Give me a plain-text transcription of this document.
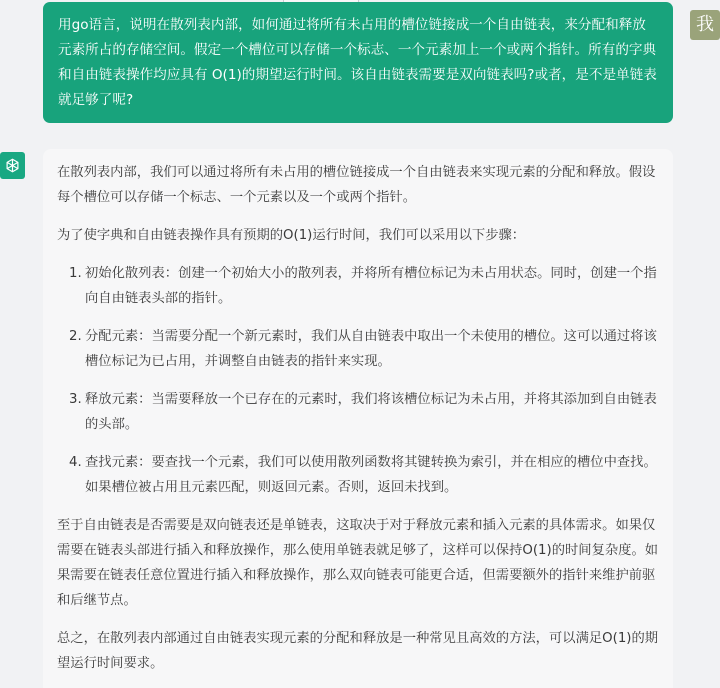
用go语言，说明在散列表内部，如何通过将所有未占用的槽位链接成一个自由链表，来分配和释放元素所占的存储空间。假定一个槽位可以存储一个标志、一个元素加上一个或两个指针。所有的字典和自由链表操作均应具有 O(1)的期望运行时间。该自由链表需要是双向链表吗?或者，是不是单链表就足够了呢?
我

在散列表内部，我们可以通过将所有未占用的槽位链接成一个自由链表来实现元素的分配和释放。假设每个槽位可以存储一个标志、一个元素以及一个或两个指针。

为了使字典和自由链表操作具有预期的O(1)运行时间，我们可以采用以下步骤：

1. 初始化散列表：创建一个初始大小的散列表，并将所有槽位标记为未占用状态。同时，创建一个指向自由链表头部的指针。
2. 分配元素：当需要分配一个新元素时，我们从自由链表中取出一个未使用的槽位。这可以通过将该槽位标记为已占用，并调整自由链表的指针来实现。
3. 释放元素：当需要释放一个已存在的元素时，我们将该槽位标记为未占用，并将其添加到自由链表的头部。
4. 查找元素：要查找一个元素，我们可以使用散列函数将其键转换为索引，并在相应的槽位中查找。如果槽位被占用且元素匹配，则返回元素。否则，返回未找到。

至于自由链表是否需要是双向链表还是单链表，这取决于对于释放元素和插入元素的具体需求。如果仅需要在链表头部进行插入和释放操作，那么使用单链表就足够了，这样可以保持O(1)的时间复杂度。如果需要在链表任意位置进行插入和释放操作，那么双向链表可能更合适，但需要额外的指针来维护前驱和后继节点。

总之，在散列表内部通过自由链表实现元素的分配和释放是一种常见且高效的方法，可以满足O(1)的期望运行时间要求。
